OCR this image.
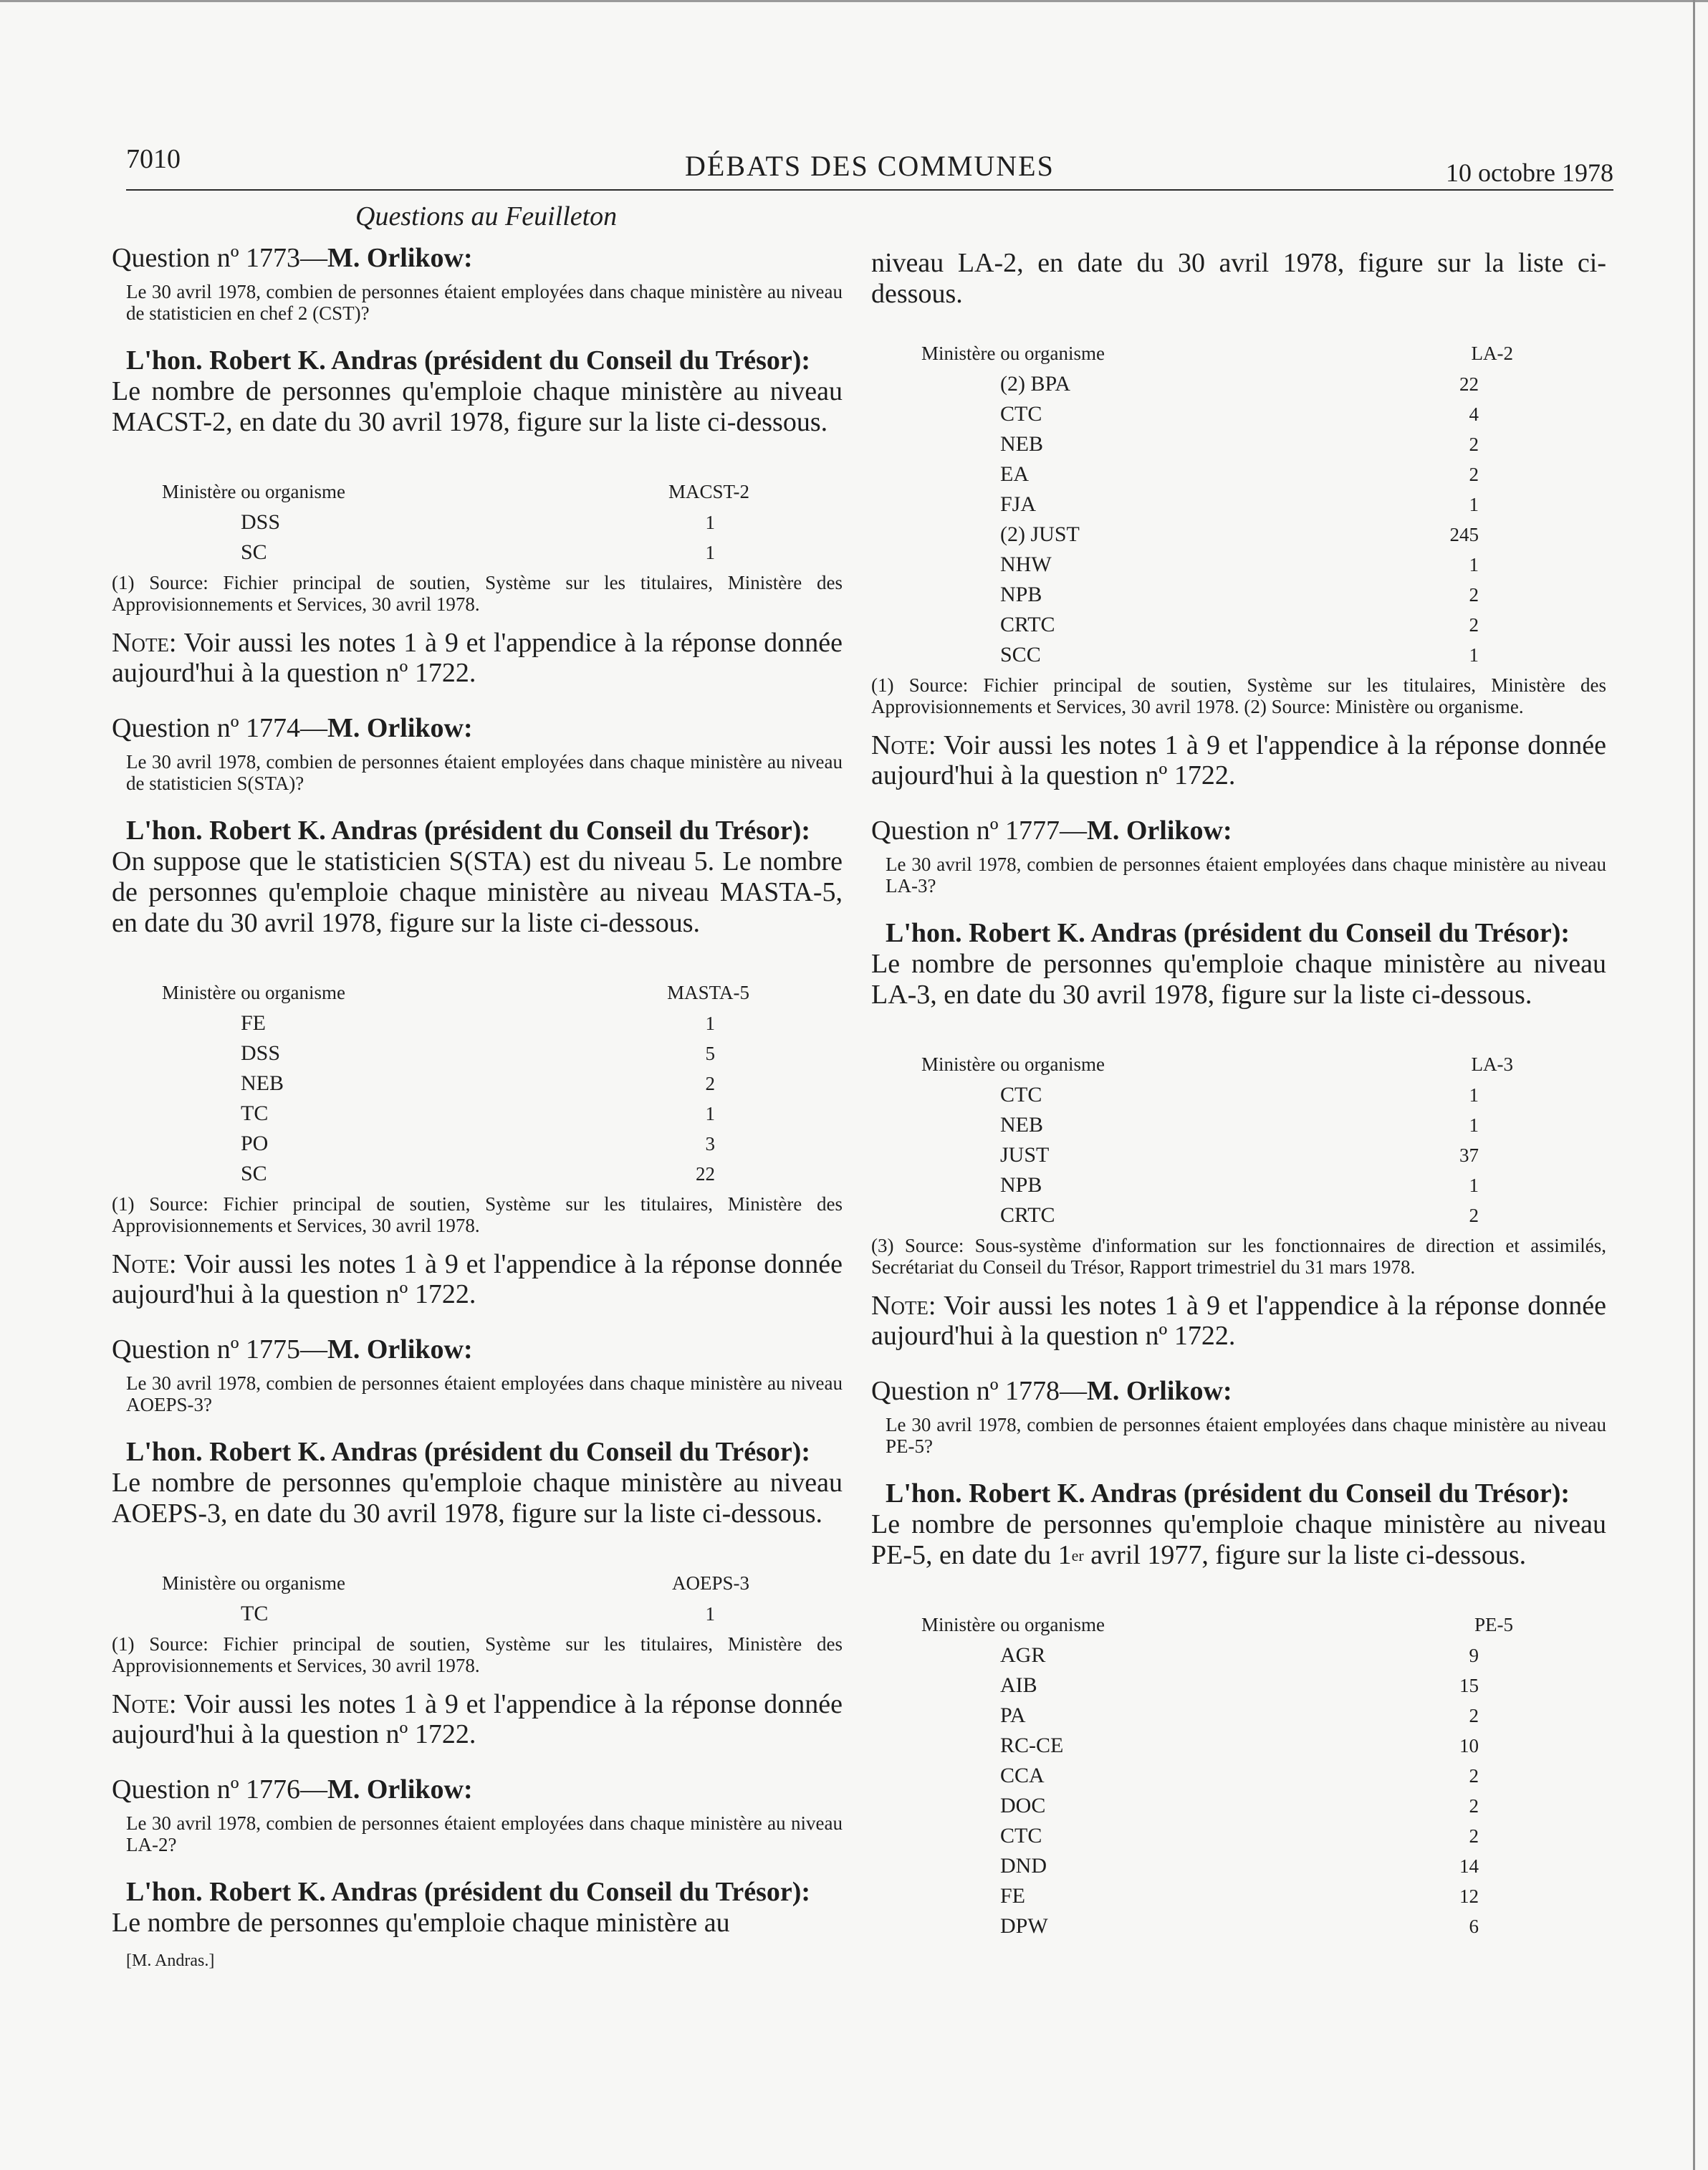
7010	DÉBATS DES COMMUNES	10 octobre 1978
Questions au Feuilleton
Question nº 1773—M. Orlikow:
Le 30 avril 1978, combien de personnes étaient employées dans chaque ministère au niveau de statisticien en chef 2 (CST)?
L'hon. Robert K. Andras (président du Conseil du Trésor):
Le nombre de personnes qu'emploie chaque ministère au niveau MACST-2, en date du 30 avril 1978, figure sur la liste ci-dessous.
Ministère ou organisme	MACST-2
DSS	1
SC	1
(1) Source: Fichier principal de soutien, Système sur les titulaires, Ministère des Approvisionnements et Services, 30 avril 1978.
Note: Voir aussi les notes 1 à 9 et l'appendice à la réponse donnée aujourd'hui à la question nº 1722.
Question nº 1774—M. Orlikow:
Le 30 avril 1978, combien de personnes étaient employées dans chaque ministère au niveau de statisticien S(STA)?
L'hon. Robert K. Andras (président du Conseil du Trésor):
On suppose que le statisticien S(STA) est du niveau 5. Le nombre de personnes qu'emploie chaque ministère au niveau MASTA-5, en date du 30 avril 1978, figure sur la liste ci-dessous.
Ministère ou organisme	MASTA-5
FE	1
DSS	5
NEB	2
TC	1
PO	3
SC	22
(1) Source: Fichier principal de soutien, Système sur les titulaires, Ministère des Approvisionnements et Services, 30 avril 1978.
Note: Voir aussi les notes 1 à 9 et l'appendice à la réponse donnée aujourd'hui à la question nº 1722.
Question nº 1775—M. Orlikow:
Le 30 avril 1978, combien de personnes étaient employées dans chaque ministère au niveau AOEPS-3?
L'hon. Robert K. Andras (président du Conseil du Trésor):
Le nombre de personnes qu'emploie chaque ministère au niveau AOEPS-3, en date du 30 avril 1978, figure sur la liste ci-dessous.
Ministère ou organisme	AOEPS-3
TC	1
(1) Source: Fichier principal de soutien, Système sur les titulaires, Ministère des Approvisionnements et Services, 30 avril 1978.
Note: Voir aussi les notes 1 à 9 et l'appendice à la réponse donnée aujourd'hui à la question nº 1722.
Question nº 1776—M. Orlikow:
Le 30 avril 1978, combien de personnes étaient employées dans chaque ministère au niveau LA-2?
L'hon. Robert K. Andras (président du Conseil du Trésor):
Le nombre de personnes qu'emploie chaque ministère au
[M. Andras.]
niveau LA-2, en date du 30 avril 1978, figure sur la liste ci-dessous.
Ministère ou organisme	LA-2
(2) BPA	22
CTC	4
NEB	2
EA	2
FJA	1
(2) JUST	245
NHW	1
NPB	2
CRTC	2
SCC	1
(1) Source: Fichier principal de soutien, Système sur les titulaires, Ministère des Approvisionnements et Services, 30 avril 1978. (2) Source: Ministère ou organisme.
Note: Voir aussi les notes 1 à 9 et l'appendice à la réponse donnée aujourd'hui à la question nº 1722.
Question nº 1777—M. Orlikow:
Le 30 avril 1978, combien de personnes étaient employées dans chaque ministère au niveau LA-3?
L'hon. Robert K. Andras (président du Conseil du Trésor):
Le nombre de personnes qu'emploie chaque ministère au niveau LA-3, en date du 30 avril 1978, figure sur la liste ci-dessous.
Ministère ou organisme	LA-3
CTC	1
NEB	1
JUST	37
NPB	1
CRTC	2
(3) Source: Sous-système d'information sur les fonctionnaires de direction et assimilés, Secrétariat du Conseil du Trésor, Rapport trimestriel du 31 mars 1978.
Note: Voir aussi les notes 1 à 9 et l'appendice à la réponse donnée aujourd'hui à la question nº 1722.
Question nº 1778—M. Orlikow:
Le 30 avril 1978, combien de personnes étaient employées dans chaque ministère au niveau PE-5?
L'hon. Robert K. Andras (président du Conseil du Trésor):
Le nombre de personnes qu'emploie chaque ministère au niveau PE-5, en date du 1er avril 1977, figure sur la liste ci-dessous.
Ministère ou organisme	PE-5
AGR	9
AIB	15
PA	2
RC-CE	10
CCA	2
DOC	2
CTC	2
DND	14
FE	12
DPW	6
